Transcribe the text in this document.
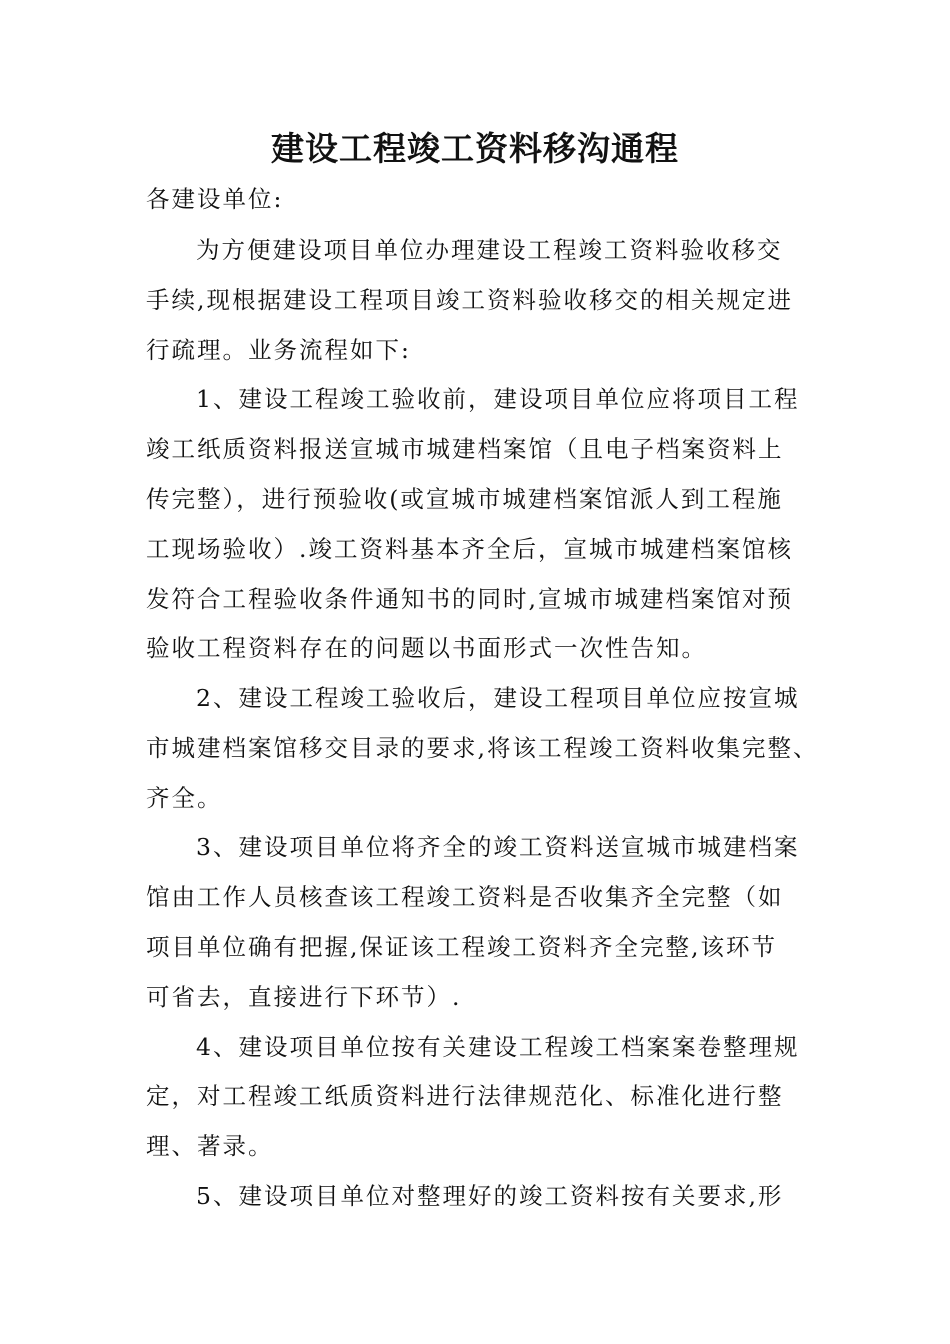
建设工程竣工资料移沟通程
各建设单位:
为方便建设项目单位办理建设工程竣工资料验收移交
手续,现根据建设工程项目竣工资料验收移交的相关规定进
行疏理。业务流程如下:
1、建设工程竣工验收前，建设项目单位应将项目工程
竣工纸质资料报送宣城市城建档案馆（且电子档案资料上
传完整），进行预验收(或宣城市城建档案馆派人到工程施
工现场验收）.竣工资料基本齐全后，宣城市城建档案馆核
发符合工程验收条件通知书的同时,宣城市城建档案馆对预
验收工程资料存在的问题以书面形式一次性告知。
2、建设工程竣工验收后，建设工程项目单位应按宣城
市城建档案馆移交目录的要求,将该工程竣工资料收集完整、
齐全。
3、建设项目单位将齐全的竣工资料送宣城市城建档案
馆由工作人员核查该工程竣工资料是否收集齐全完整（如
项目单位确有把握,保证该工程竣工资料齐全完整,该环节
可省去，直接进行下环节）.
4、建设项目单位按有关建设工程竣工档案案卷整理规
定，对工程竣工纸质资料进行法律规范化、标准化进行整
理、著录。
5、建设项目单位对整理好的竣工资料按有关要求,形
